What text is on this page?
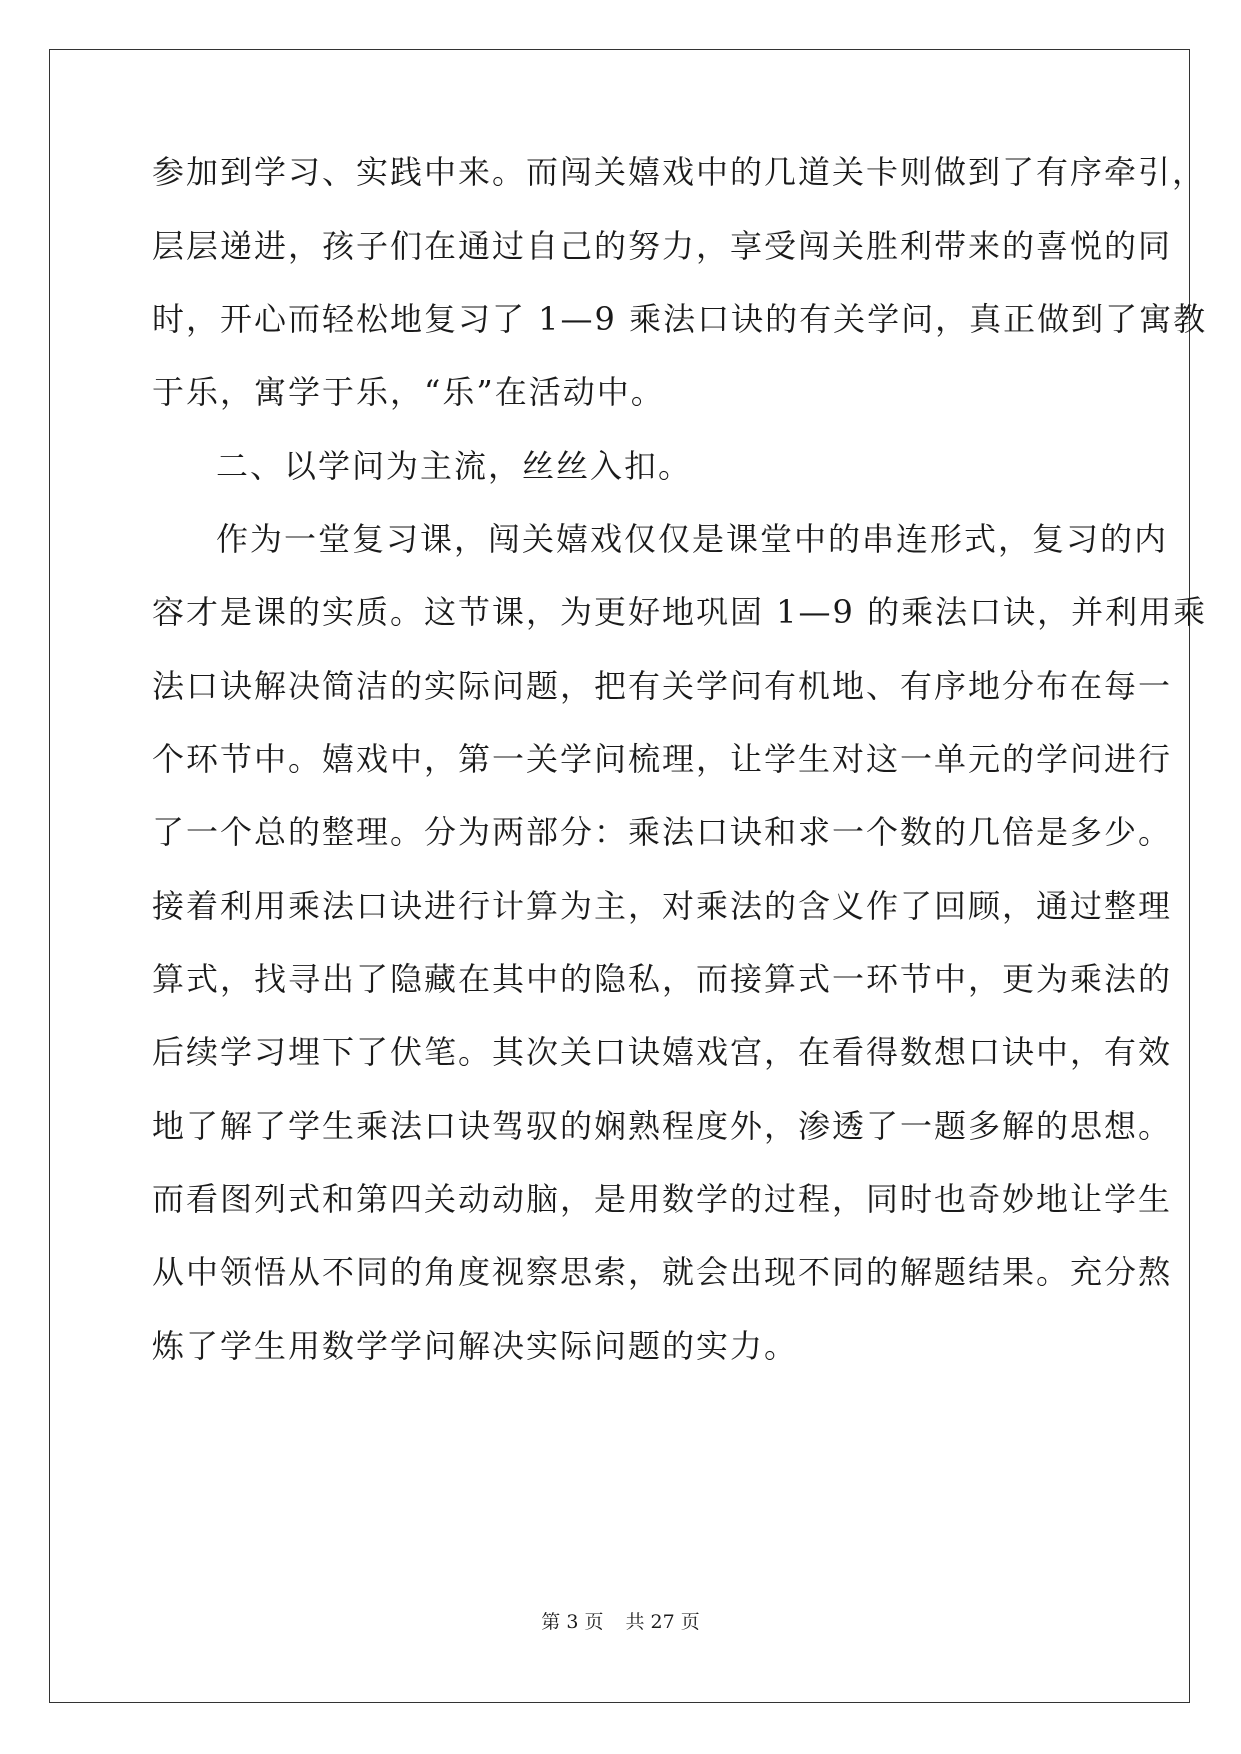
参加到学习、实践中来。而闯关嬉戏中的几道关卡则做到了有序牵引，
层层递进，孩子们在通过自己的努力，享受闯关胜利带来的喜悦的同
时，开心而轻松地复习了 1—9 乘法口诀的有关学问，真正做到了寓教
于乐，寓学于乐，“乐”在活动中。
二、以学问为主流，丝丝入扣。
作为一堂复习课，闯关嬉戏仅仅是课堂中的串连形式，复习的内
容才是课的实质。这节课，为更好地巩固 1—9 的乘法口诀，并利用乘
法口诀解决简洁的实际问题，把有关学问有机地、有序地分布在每一
个环节中。嬉戏中，第一关学问梳理，让学生对这一单元的学问进行
了一个总的整理。分为两部分：乘法口诀和求一个数的几倍是多少。
接着利用乘法口诀进行计算为主，对乘法的含义作了回顾，通过整理
算式，找寻出了隐藏在其中的隐私，而接算式一环节中，更为乘法的
后续学习埋下了伏笔。其次关口诀嬉戏宫，在看得数想口诀中，有效
地了解了学生乘法口诀驾驭的娴熟程度外，渗透了一题多解的思想。
而看图列式和第四关动动脑，是用数学的过程，同时也奇妙地让学生
从中领悟从不同的角度视察思索，就会出现不同的解题结果。充分熬
炼了学生用数学学问解决实际问题的实力。
第 3 页 共 27 页
